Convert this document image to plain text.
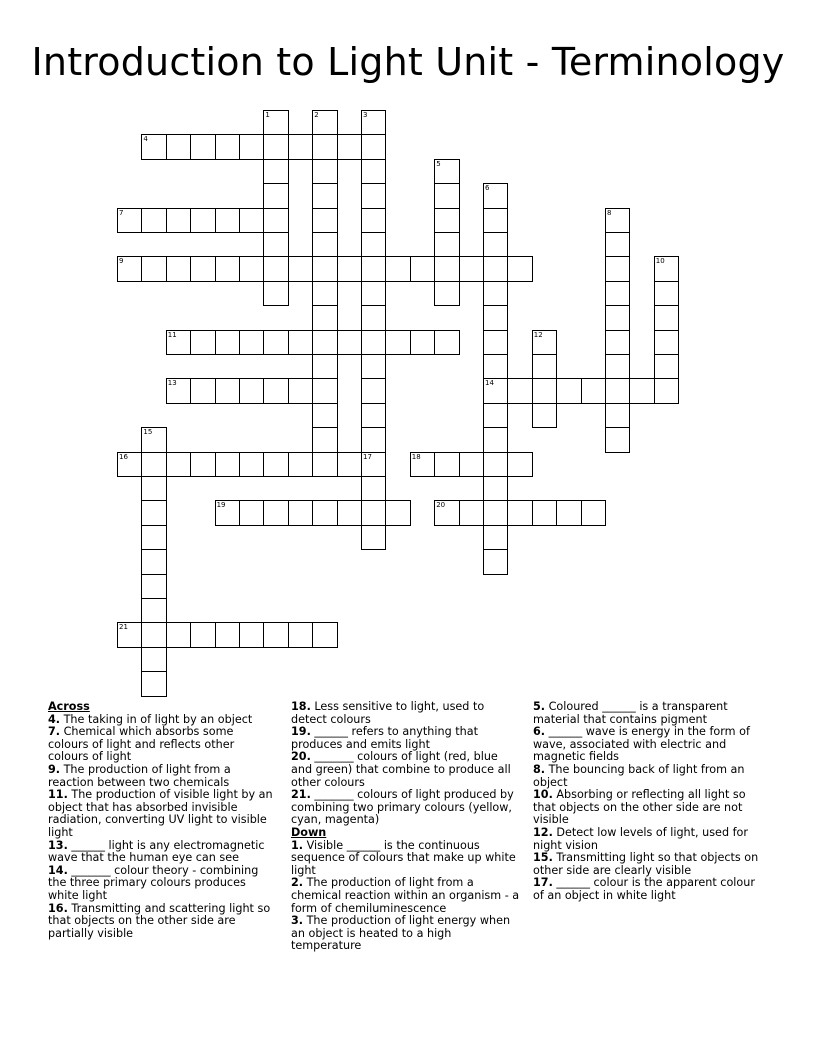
Introduction to Light Unit - Terminology
1	2	3
4
5
6
14
7	8
9	10
11	12
13
15
16	17	18
19	20
21
Across
4. The taking in of light by an object
7. Chemical which absorbs some colours of light and reflects other colours of light
9. The production of light from a reaction between two chemicals
11. The production of visible light by an object that has absorbed invisible radiation, converting UV light to visible light
13. ______ light is any electromagnetic wave that the human eye can see
14. _______ colour theory - combining the three primary colours produces white light
16. Transmitting and scattering light so that objects on the other side are partially visible
18. Less sensitive to light, used to detect colours
19. ______ refers to anything that produces and emits light
20. _______ colours of light (red, blue and green) that combine to produce all other colours
21. _______ colours of light produced by combining two primary colours (yellow, cyan, magenta)
Down
1. Visible ______ is the continuous sequence of colours that make up white light
2. The production of light from a chemical reaction within an organism - a form of chemiluminescence
3. The production of light energy when an object is heated to a high temperature
5. Coloured ______ is a transparent material that contains pigment
6. ______ wave is energy in the form of wave, associated with electric and magnetic fields
8. The bouncing back of light from an object
10. Absorbing or reflecting all light so that objects on the other side are not visible
12. Detect low levels of light, used for night vision
15. Transmitting light so that objects on other side are clearly visible
17. ______ colour is the apparent colour of an object in white light
